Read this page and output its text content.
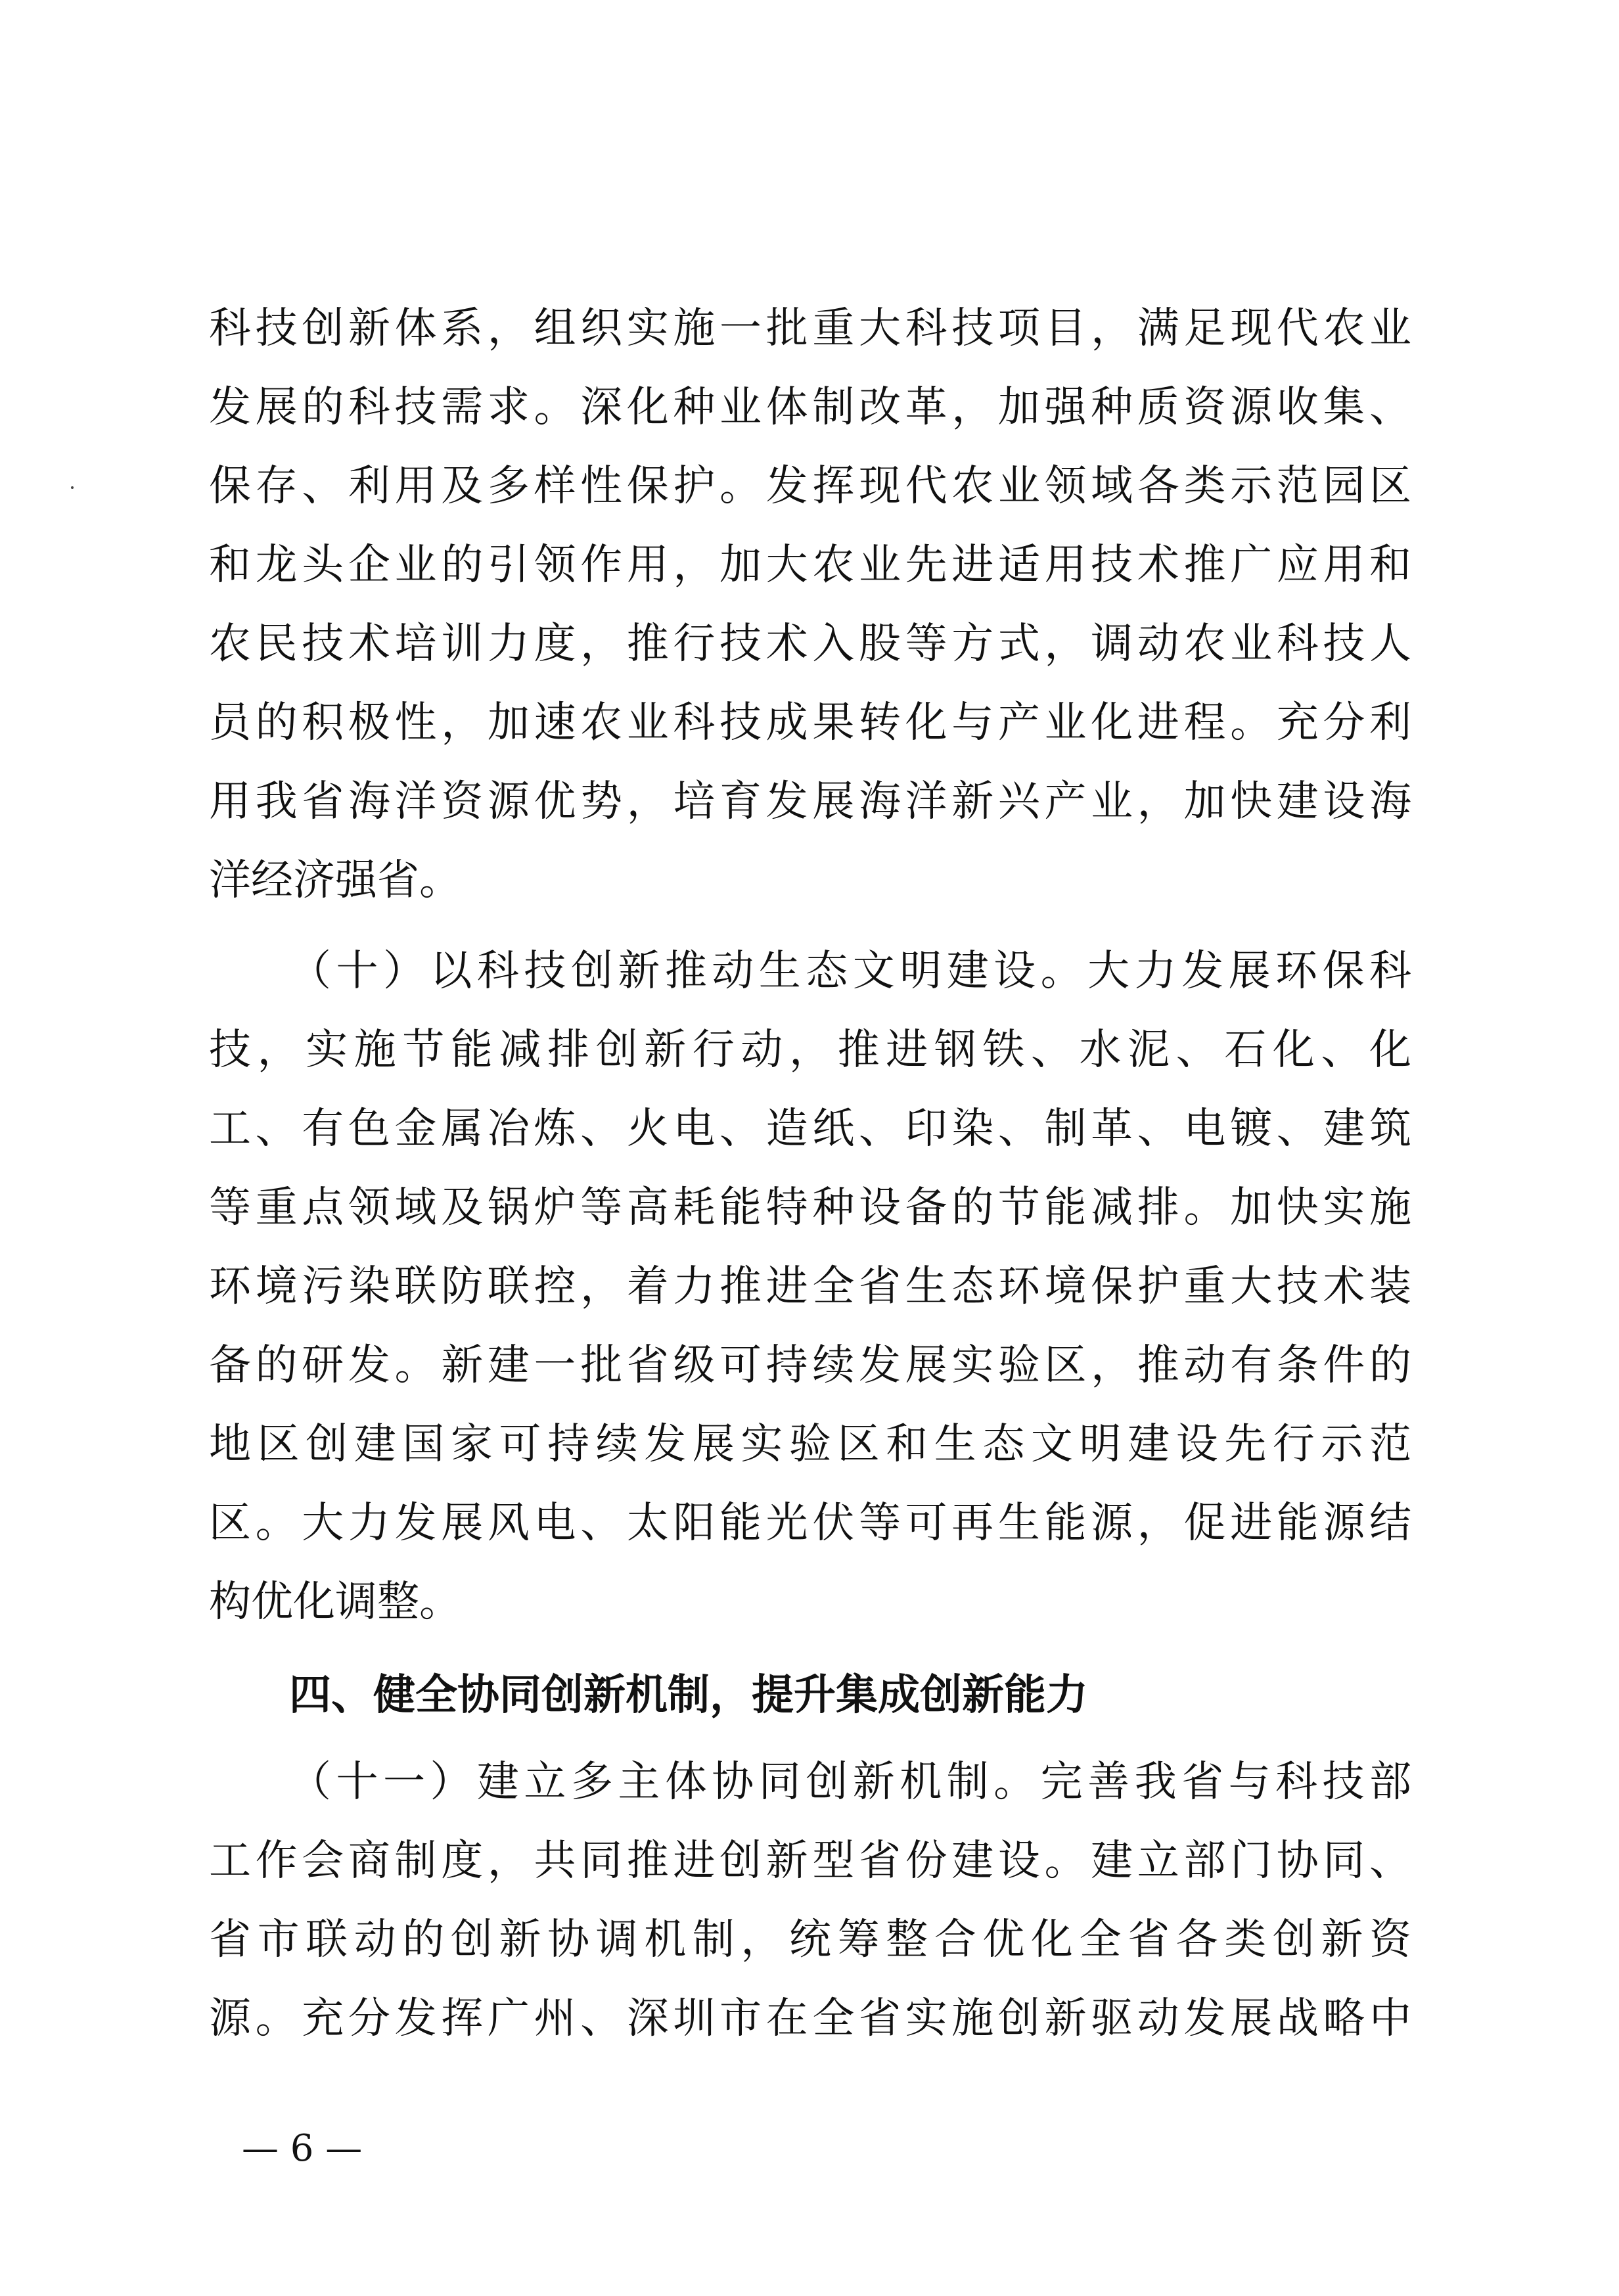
科技创新体系，组织实施一批重大科技项目，满足现代农业
发展的科技需求。深化种业体制改革，加强种质资源收集、
保存、利用及多样性保护。发挥现代农业领域各类示范园区
和龙头企业的引领作用，加大农业先进适用技术推广应用和
农民技术培训力度，推行技术入股等方式，调动农业科技人
员的积极性，加速农业科技成果转化与产业化进程。充分利
用我省海洋资源优势，培育发展海洋新兴产业，加快建设海
洋经济强省。
（十）以科技创新推动生态文明建设。大力发展环保科
技，实施节能减排创新行动，推进钢铁、水泥、石化、化
工、有色金属冶炼、火电、造纸、印染、制革、电镀、建筑
等重点领域及锅炉等高耗能特种设备的节能减排。加快实施
环境污染联防联控，着力推进全省生态环境保护重大技术装
备的研发。新建一批省级可持续发展实验区，推动有条件的
地区创建国家可持续发展实验区和生态文明建设先行示范
区。大力发展风电、太阳能光伏等可再生能源，促进能源结
构优化调整。
四、健全协同创新机制，提升集成创新能力
（十一）建立多主体协同创新机制。完善我省与科技部
工作会商制度，共同推进创新型省份建设。建立部门协同、
省市联动的创新协调机制，统筹整合优化全省各类创新资
源。充分发挥广州、深圳市在全省实施创新驱动发展战略中
— 6 —
